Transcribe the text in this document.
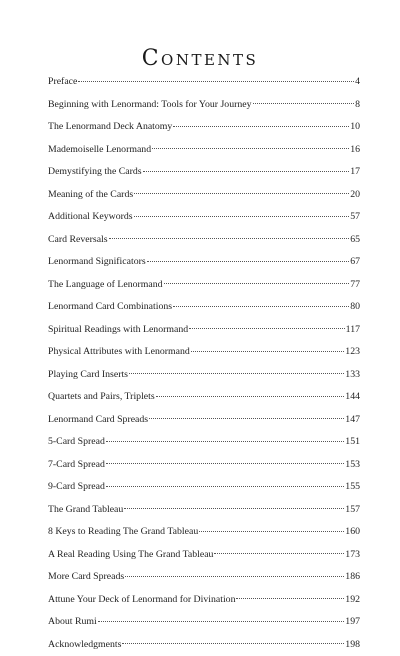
Contents
Preface	4
Beginning with Lenormand: Tools for Your Journey	8
The Lenormand Deck Anatomy	10
Mademoiselle Lenormand	16
Demystifying the Cards	17
Meaning of the Cards	20
Additional Keywords	57
Card Reversals	65
Lenormand Significators	67
The Language of Lenormand	77
Lenormand Card Combinations	80
Spiritual Readings with Lenormand	117
Physical Attributes with Lenormand	123
Playing Card Inserts	133
Quartets and Pairs, Triplets	144
Lenormand Card Spreads	147
5-Card Spread	151
7-Card Spread	153
9-Card Spread	155
The Grand Tableau	157
8 Keys to Reading The Grand Tableau	160
A Real Reading Using The Grand Tableau	173
More Card Spreads	186
Attune Your Deck of Lenormand for Divination	192
About Rumi	197
Acknowledgments	198
